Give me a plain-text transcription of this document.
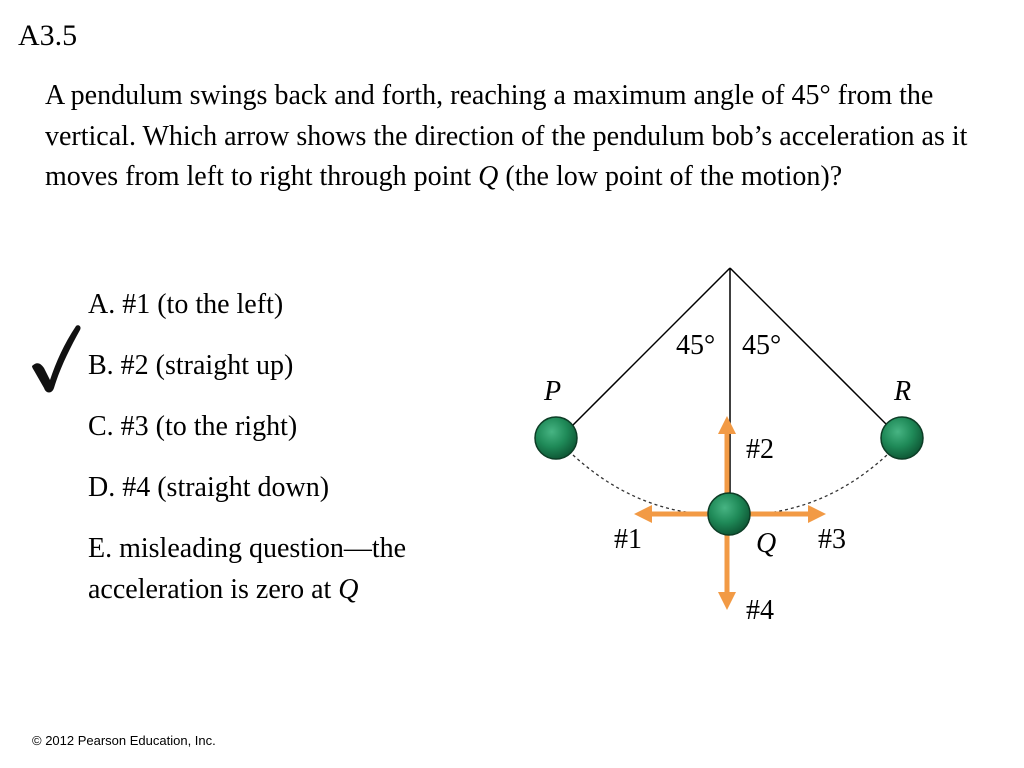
A3.5
A pendulum swings back and forth, reaching a maximum angle of 45° from the vertical. Which arrow shows the direction of the pendulum bob’s acceleration as it moves from left to right through point Q (the low point of the motion)?
A. #1 (to the left)
B. #2 (straight up)
C. #3 (to the right)
D. #4 (straight down)
E. misleading question—the
acceleration is zero at Q
45° 45°
P	R
Q
#2
#1	#3
#4
© 2012 Pearson Education, Inc.
